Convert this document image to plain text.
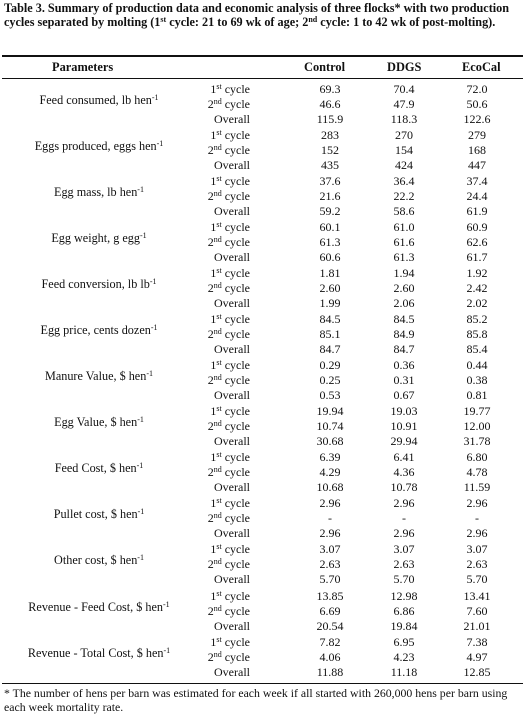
Table 3. Summary of production data and economic analysis of three flocks* with two production cycles separated by molting (1st cycle: 21 to 69 wk of age; 2nd cycle: 1 to 42 wk of post-molting).
Parameters	Control	DDGS	EcoCal
Feed consumed, lb hen$^{-1}$
1st cycle	69.3	70.4	72.0
2nd cycle	46.6	47.9	50.6
Overall	115.9	118.3	122.6
Eggs produced, eggs hen$^{-1}$
1st cycle	283	270	279
2nd cycle	152	154	168
Overall	435	424	447
Egg mass, lb hen$^{-1}$
1st cycle	37.6	36.4	37.4
2nd cycle	21.6	22.2	24.4
Overall	59.2	58.6	61.9
Egg weight, g egg$^{-1}$
1st cycle	60.1	61.0	60.9
2nd cycle	61.3	61.6	62.6
Overall	60.6	61.3	61.7
Feed conversion, lb $lb^{-1}$
1st cycle	1.81	1.94	1.92
2nd cycle	2.60	2.60	2.42
Overall	1.99	2.06	2.02
Egg price, cents dozen$^{-1}$
1st cycle	84.5	84.5	85.2
2nd cycle	85.1	84.9	85.8
Overall	84.7	84.7	85.4
Manure Value, $ hen$^{-1}$
1st cycle	0.29	0.36	0.44
2nd cycle	0.25	0.31	0.38
Overall	0.53	0.67	0.81
Egg Value, $ hen$^{-1}$
1st cycle	19.94	19.03	19.77
2nd cycle	10.74	10.91	12.00
Overall	30.68	29.94	31.78
Feed Cost, $ hen$^{-1}$
1st cycle	6.39	6.41	6.80
2nd cycle	4.29	4.36	4.78
Overall	10.68	10.78	11.59
Pullet cost, $ hen$^{-1}$
1st cycle	2.96	2.96	2.96
2nd cycle	-	-	-
Overall	2.96	2.96	2.96
Other cost, $ hen$^{-1}$
1st cycle	3.07	3.07	3.07
2nd cycle	2.63	2.63	2.63
Overall	5.70	5.70	5.70
Revenue - Feed Cost, $ hen$^{-1}$
1st cycle	13.85	12.98	13.41
2nd cycle	6.69	6.86	7.60
Overall	20.54	19.84	21.01
Revenue - Total Cost, $ hen$^{-1}$
1st cycle	7.82	6.95	7.38
2nd cycle	4.06	4.23	4.97
Overall	11.88	11.18	12.85
* The number of hens per barn was estimated for each week if all started with 260,000 hens per barn using each week mortality rate.
